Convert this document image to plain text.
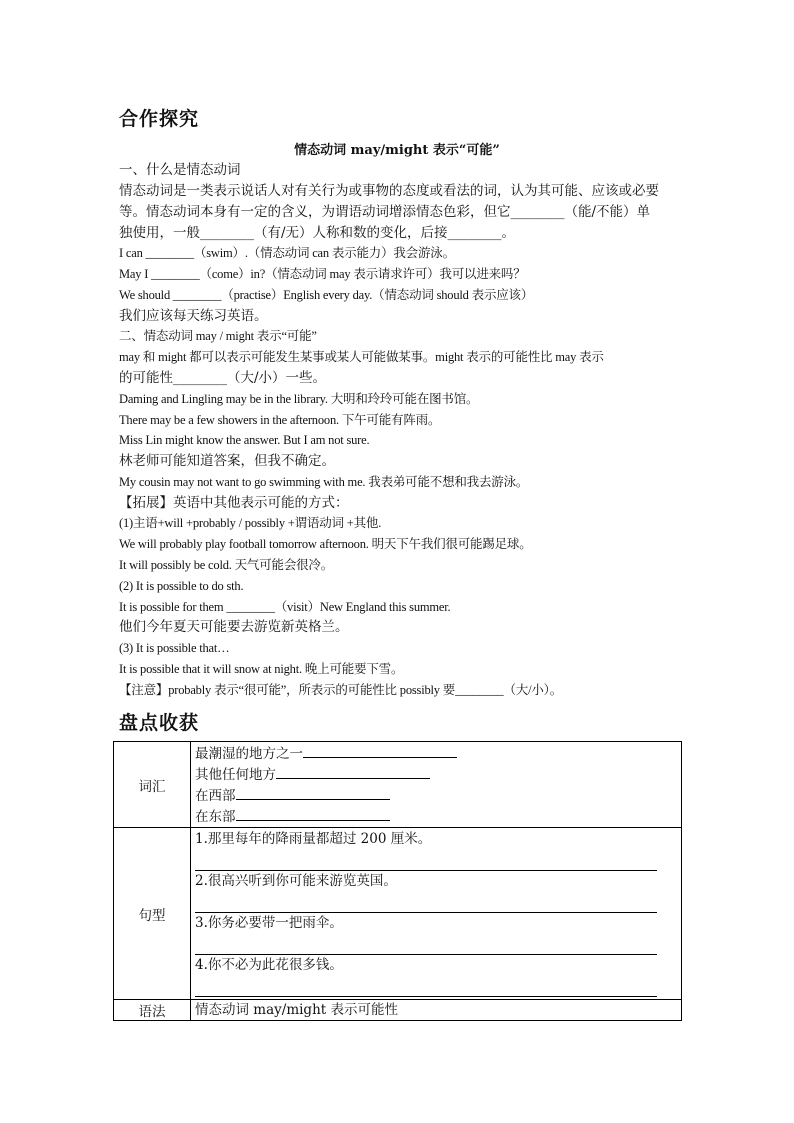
合作探究
情态动词 may/might 表示“可能”
一、什么是情态动词
情态动词是一类表示说话人对有关行为或事物的态度或看法的词，认为其可能、应该或必要
等。情态动词本身有一定的含义，为谓语动词增添情态色彩，但它________（能/不能）单
独使用，一般________（有/无）人称和数的变化，后接________。
I can ________（swim）.（情态动词 can 表示能力）我会游泳。
May I ________（come）in?（情态动词 may 表示请求许可）我可以进来吗？
We should ________（practise）English every day.（情态动词 should 表示应该）
我们应该每天练习英语。
二、情态动词 may / might 表示“可能”
may 和 might 都可以表示可能发生某事或某人可能做某事。might 表示的可能性比 may 表示
的可能性________（大/小）一些。
Daming and Lingling may be in the library. 大明和玲玲可能在图书馆。
There may be a few showers in the afternoon. 下午可能有阵雨。
Miss Lin might know the answer. But I am not sure.
林老师可能知道答案，但我不确定。
My cousin may not want to go swimming with me. 我表弟可能不想和我去游泳。
【拓展】英语中其他表示可能的方式：
(1)主语+will +probably / possibly +谓语动词 +其他.
We will probably play football tomorrow afternoon. 明天下午我们很可能踢足球。
It will possibly be cold. 天气可能会很冷。
(2) It is possible to do sth.
It is possible for them ________（visit）New England this summer.
他们今年夏天可能要去游览新英格兰。
(3) It is possible that…
It is possible that it will snow at night. 晚上可能要下雪。
【注意】probably 表示“很可能”，所表示的可能性比 possibly 要________（大/小）。
盘点收获
词汇	最潮湿的地方之一
其他任何地方
在西部
在东部

句型	1.那里每年的降雨量都超过 200 厘米。
2.很高兴听到你可能来游览英国。
3.你务必要带一把雨伞。
4.你不必为此花很多钱。

语法	情态动词 may/might 表示可能性
